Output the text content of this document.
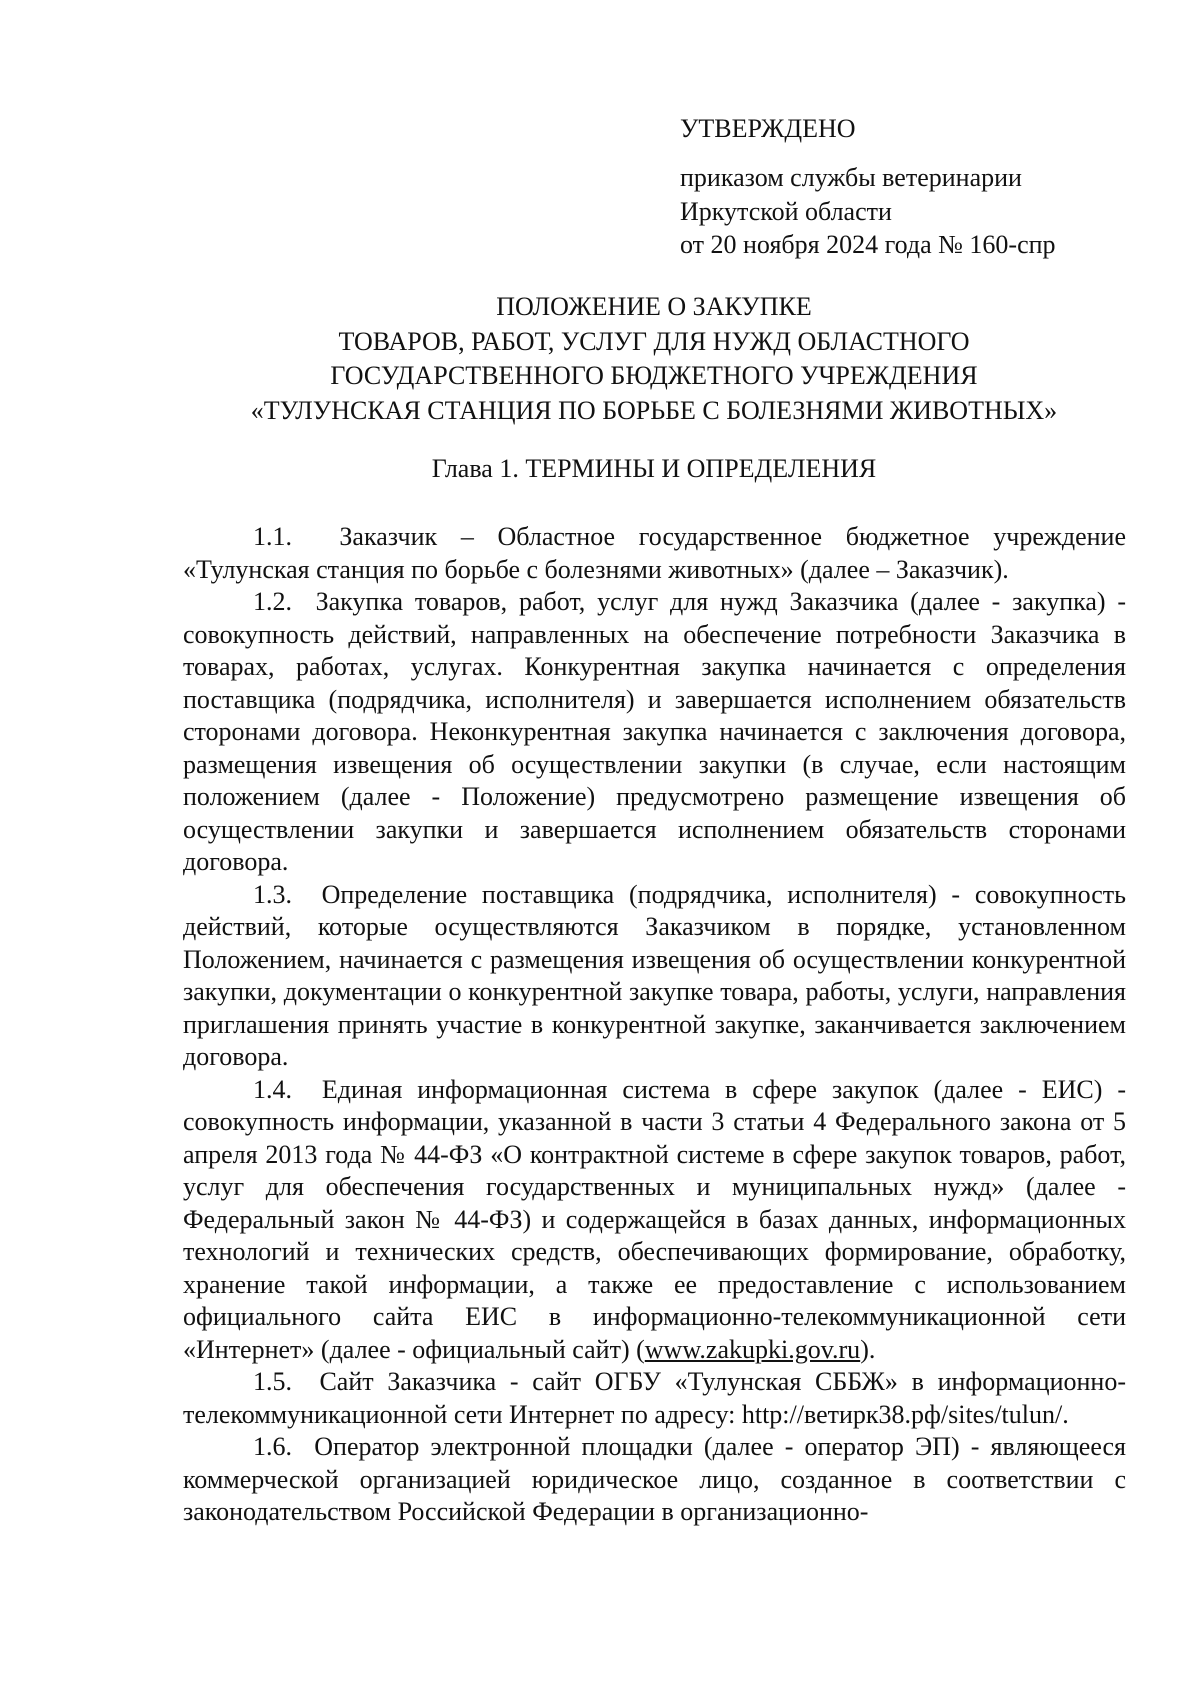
УТВЕРЖДЕНО
приказом службы ветеринарии
Иркутской области
от 20 ноября 2024 года № 160-спр
ПОЛОЖЕНИЕ О ЗАКУПКЕ
ТОВАРОВ, РАБОТ, УСЛУГ ДЛЯ НУЖД ОБЛАСТНОГО
ГОСУДАРСТВЕННОГО БЮДЖЕТНОГО УЧРЕЖДЕНИЯ
«ТУЛУНСКАЯ СТАНЦИЯ ПО БОРЬБЕ С БОЛЕЗНЯМИ ЖИВОТНЫХ»
Глава 1. ТЕРМИНЫ И ОПРЕДЕЛЕНИЯ

1.1. Заказчик – Областное государственное бюджетное учреждение «Тулунская станция по борьбе с болезнями животных» (далее – Заказчик).

1.2. Закупка товаров, работ, услуг для нужд Заказчика (далее - закупка) - совокупность действий, направленных на обеспечение потребности Заказчика в товарах, работах, услугах. Конкурентная закупка начинается с определения поставщика (подрядчика, исполнителя) и завершается исполнением обязательств сторонами договора. Неконкурентная закупка начинается с заключения договора, размещения извещения об осуществлении закупки (в случае, если настоящим положением (далее - Положение) предусмотрено размещение извещения об осуществлении закупки и завершается исполнением обязательств сторонами договора.

1.3. Определение поставщика (подрядчика, исполнителя) - совокупность действий, которые осуществляются Заказчиком в порядке, установленном Положением, начинается с размещения извещения об осуществлении конкурентной закупки, документации о конкурентной закупке товара, работы, услуги, направления приглашения принять участие в конкурентной закупке, заканчивается заключением договора.

1.4. Единая информационная система в сфере закупок (далее - ЕИС) - совокупность информации, указанной в части 3 статьи 4 Федерального закона от 5 апреля 2013 года № 44-ФЗ «О контрактной системе в сфере закупок товаров, работ, услуг для обеспечения государственных и муниципальных нужд» (далее - Федеральный закон № 44-ФЗ) и содержащейся в базах данных, информационных технологий и технических средств, обеспечивающих формирование, обработку, хранение такой информации, а также ее предоставление с использованием официального сайта ЕИС в информационно-телекоммуникационной сети «Интернет» (далее - официальный сайт) (www.zakupki.gov.ru).

1.5. Сайт Заказчика - сайт ОГБУ «Тулунская СББЖ» в информационно-телекоммуникационной сети Интернет по адресу: http://ветирк38.рф/sites/tulun/.

1.6. Оператор электронной площадки (далее - оператор ЭП) - являющееся коммерческой организацией юридическое лицо, созданное в соответствии с законодательством Российской Федерации в организационно-
